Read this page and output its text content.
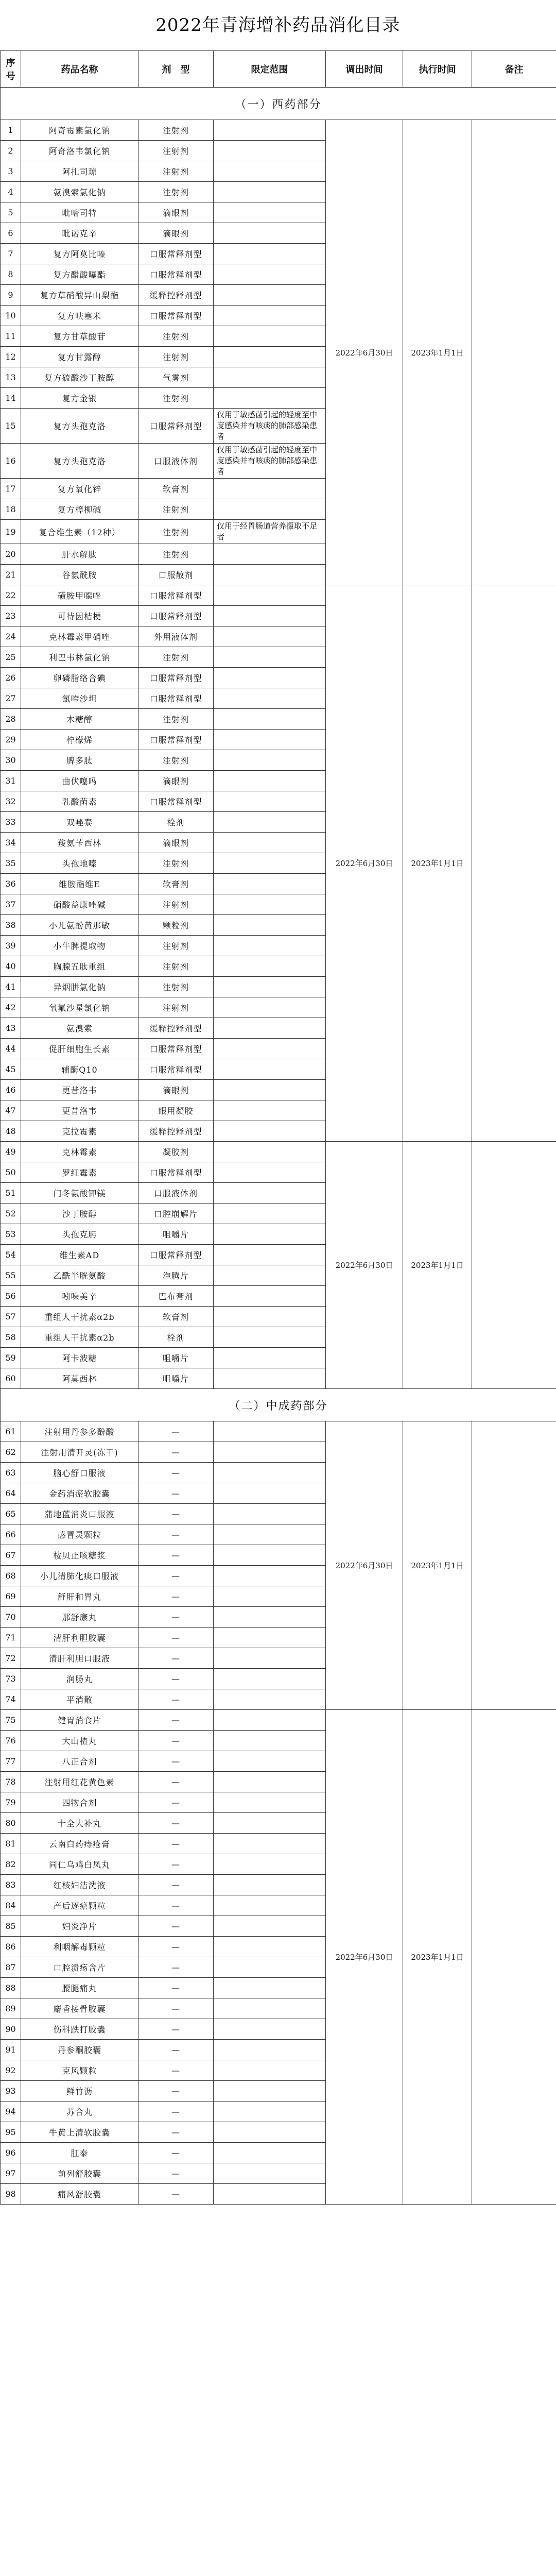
2022年青海增补药品消化目录
序号	药品名称	剂　型	限定范围	调出时间	执行时间	备注
（一）西药部分						
1	阿奇霉素氯化钠	注射剂		2022年6月30日	2023年1月1日	
2	阿奇洛韦氯化钠	注射剂				
3	阿扎司琼	注射剂				
4	氨溴索氯化钠	注射剂				
5	吡嘧司特	滴眼剂				
6	吡诺克辛	滴眼剂				
7	复方阿莫比嗪	口服常释剂型				
8	复方醋酸曝酯	口服常释剂型				
9	复方草硝酸异山梨酯	缓释控释剂型				
10	复方呋塞米	口服常释剂型				
11	复方甘草酸苷	注射剂				
12	复方甘露醇	注射剂				
13	复方硫酸沙丁胺醇	气雾剂				
14	复方金银	注射剂				
15	复方头孢克洛	口服常释剂型	仅用于敏感菌引起的轻度至中度感染并有咳痰的肺部感染患者			
16	复方头孢克洛	口服液体剂	仅用于敏感菌引起的轻度至中度感染并有咳痰的肺部感染患者			
17	复方氧化锌	软膏剂				
18	复方樟柳碱	注射剂				
19	复合维生素（12种）	注射剂	仅用于经胃肠道营养摄取不足者			
20	肝水解肽	注射剂				
21	谷氨酰胺	口服散剂				
22	磺胺甲噁唑	口服常释剂型		2022年6月30日	2023年1月1日	
23	可待因桔梗	口服常释剂型				
24	克林霉素甲硝唑	外用液体剂				
25	利巴韦林氯化钠	注射剂				
26	卵磷脂络合碘	口服常释剂型				
27	氯喹沙坦	口服常释剂型				
28	木糖醇	注射剂				
29	柠檬烯	口服常释剂型				
30	脾多肽	注射剂				
31	曲伏噻吗	滴眼剂				
32	乳酸菌素	口服常释剂型				
33	双唑泰	栓剂				
34	羧氨苄西林	滴眼剂				
35	头孢地嗪	注射剂				
36	维胺酯维E	软膏剂				
37	硝酸益康唑碱	注射剂				
38	小儿氨酚黄那敏	颗粒剂				
39	小牛脾提取物	注射剂				
40	胸腺五肽重组	注射剂				
41	异烟肼氯化钠	注射剂				
42	氧氟沙星氯化钠	注射剂				
43	氨溴索	缓释控释剂型				
44	促肝细胞生长素	口服常释剂型				
45	辅酶Q10	口服常释剂型				
46	更昔洛韦	滴眼剂				
47	更昔洛韦	眼用凝胶				
48	克拉霉素	缓释控释剂型				
49	克林霉素	凝胶剂		2022年6月30日	2023年1月1日	
50	罗红霉素	口服常释剂型				
51	门冬氨酸钾镁	口服液体剂				
52	沙丁胺醇	口腔崩解片				
53	头孢克肟	咀嚼片				
54	维生素AD	口服常释剂型				
55	乙酰半胱氨酸	泡腾片				
56	吲哚美辛	巴布膏剂				
57	重组人干扰素α2b	软膏剂				
58	重组人干扰素α2b	栓剂				
59	阿卡波糖	咀嚼片				
60	阿莫西林	咀嚼片				
（二）中成药部分						
61	注射用丹参多酚酸	—		2022年6月30日	2023年1月1日	
62	注射用清开灵(冻干)	—				
63	脑心舒口服液	—				
64	金药消瘀软胶囊	—				
65	蒲地蓝消炎口服液	—				
66	感冒灵颗粒	—				
67	桉贝止咳糖浆	—				
68	小儿清肺化痰口服液	—				
69	舒肝和胃丸	—				
70	那舒康丸	—				
71	清肝利胆胶囊	—				
72	清肝利胆口服液	—				
73	润肠丸	—				
74	平消散	—				
75	健胃消食片	—		2022年6月30日	2023年1月1日	
76	大山楂丸	—				
77	八正合剂	—				
78	注射用红花黄色素	—				
79	四物合剂	—				
80	十全大补丸	—				
81	云南白药痔疮膏	—				
82	同仁乌鸡白凤丸	—				
83	红核妇洁洗液	—				
84	产后逐瘀颗粒	—				
85	妇炎净片	—				
86	利咽解毒颗粒	—				
87	口腔溃疡含片	—				
88	腰腿痛丸	—				
89	麝香接骨胶囊	—				
90	伤科跌打胶囊	—				
91	丹参酮胶囊	—				
92	克风颗粒	—				
93	鲜竹沥	—				
94	苏合丸	—				
95	牛黄上清软胶囊	—				
96	肛泰	—				
97	前列舒胶囊	—				
98	痛风舒胶囊	—				
